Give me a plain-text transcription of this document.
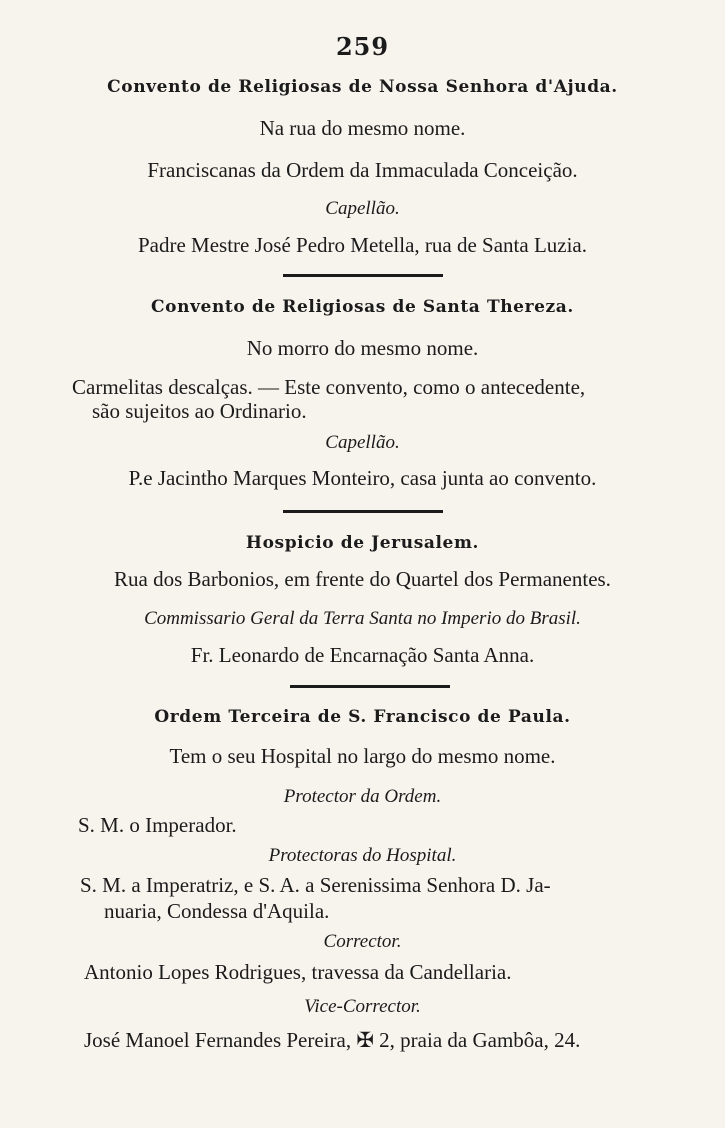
259
Convento de Religiosas de Nossa Senhora d'Ajuda.
Na rua do mesmo nome.
Franciscanas da Ordem da Immaculada Conceição.
Capellão.
Padre Mestre José Pedro Metella, rua de Santa Luzia.
Convento de Religiosas de Santa Thereza.
No morro do mesmo nome.
Carmelitas descalças. — Este convento, como o antecedente,
são sujeitos ao Ordinario.
Capellão.
P.e Jacintho Marques Monteiro, casa junta ao convento.
Hospicio de Jerusalem.
Rua dos Barbonios, em frente do Quartel dos Permanentes.
Commissario Geral da Terra Santa no Imperio do Brasil.
Fr. Leonardo de Encarnação Santa Anna.
Ordem Terceira de S. Francisco de Paula.
Tem o seu Hospital no largo do mesmo nome.
Protector da Ordem.
S. M. o Imperador.
Protectoras do Hospital.
S. M. a Imperatriz, e S. A. a Serenissima Senhora D. Ja-
nuaria, Condessa d'Aquila.
Corrector.
Antonio Lopes Rodrigues, travessa da Candellaria.
Vice-Corrector.
José Manoel Fernandes Pereira, ✠ 2, praia da Gambôa, 24.
